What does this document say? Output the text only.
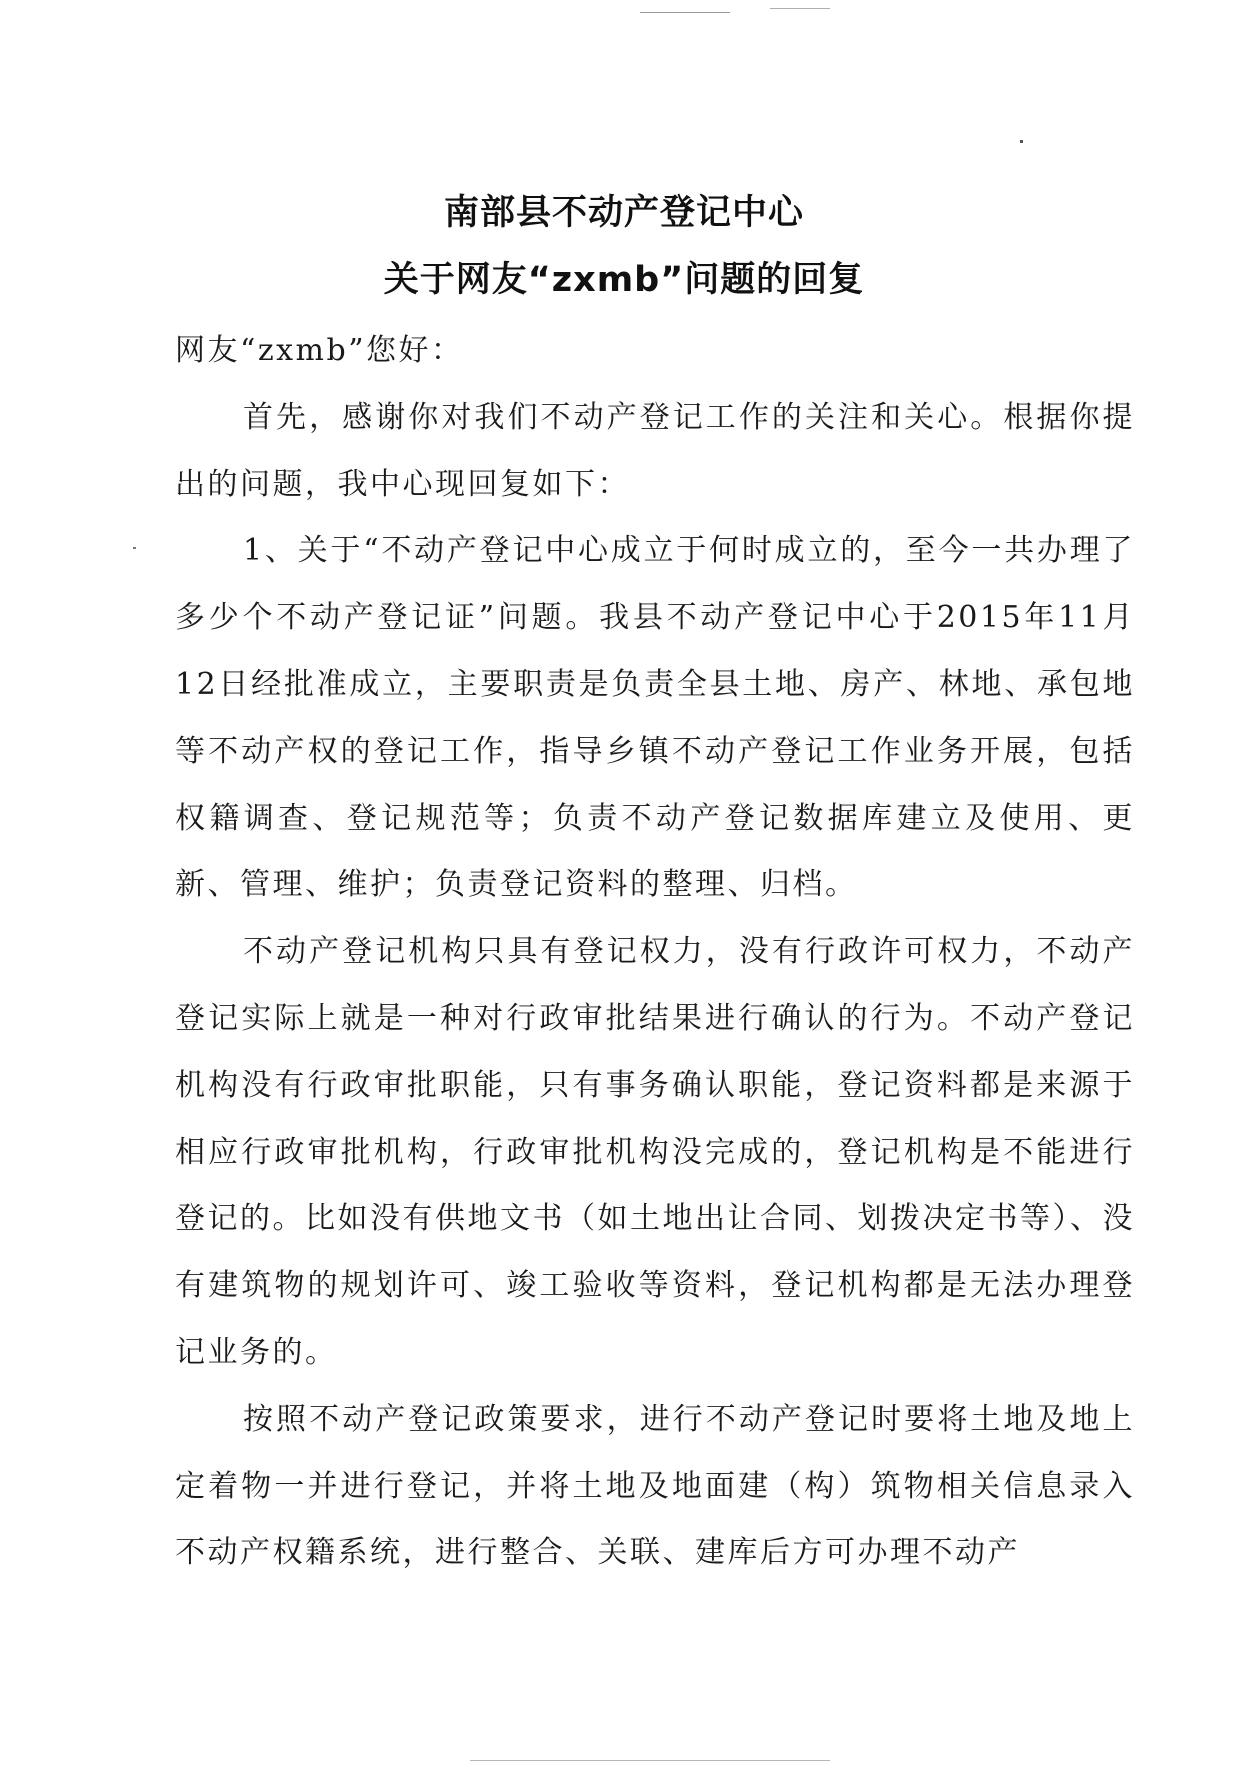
南部县不动产登记中心
关于网友“zxmb”问题的回复

网友“zxmb”您好：

首先，感谢你对我们不动产登记工作的关注和关心。根据你提出的问题，我中心现回复如下：

1、关于“不动产登记中心成立于何时成立的，至今一共办理了多少个不动产登记证”问题。我县不动产登记中心于2015年11月12日经批准成立，主要职责是负责全县土地、房产、林地、承包地等不动产权的登记工作，指导乡镇不动产登记工作业务开展，包括权籍调查、登记规范等；负责不动产登记数据库建立及使用、更新、管理、维护；负责登记资料的整理、归档。

不动产登记机构只具有登记权力，没有行政许可权力，不动产登记实际上就是一种对行政审批结果进行确认的行为。不动产登记机构没有行政审批职能，只有事务确认职能，登记资料都是来源于相应行政审批机构，行政审批机构没完成的，登记机构是不能进行登记的。比如没有供地文书（如土地出让合同、划拨决定书等）、没有建筑物的规划许可、竣工验收等资料，登记机构都是无法办理登记业务的。

按照不动产登记政策要求，进行不动产登记时要将土地及地上定着物一并进行登记，并将土地及地面建（构）筑物相关信息录入不动产权籍系统，进行整合、关联、建库后方可办理不动产
